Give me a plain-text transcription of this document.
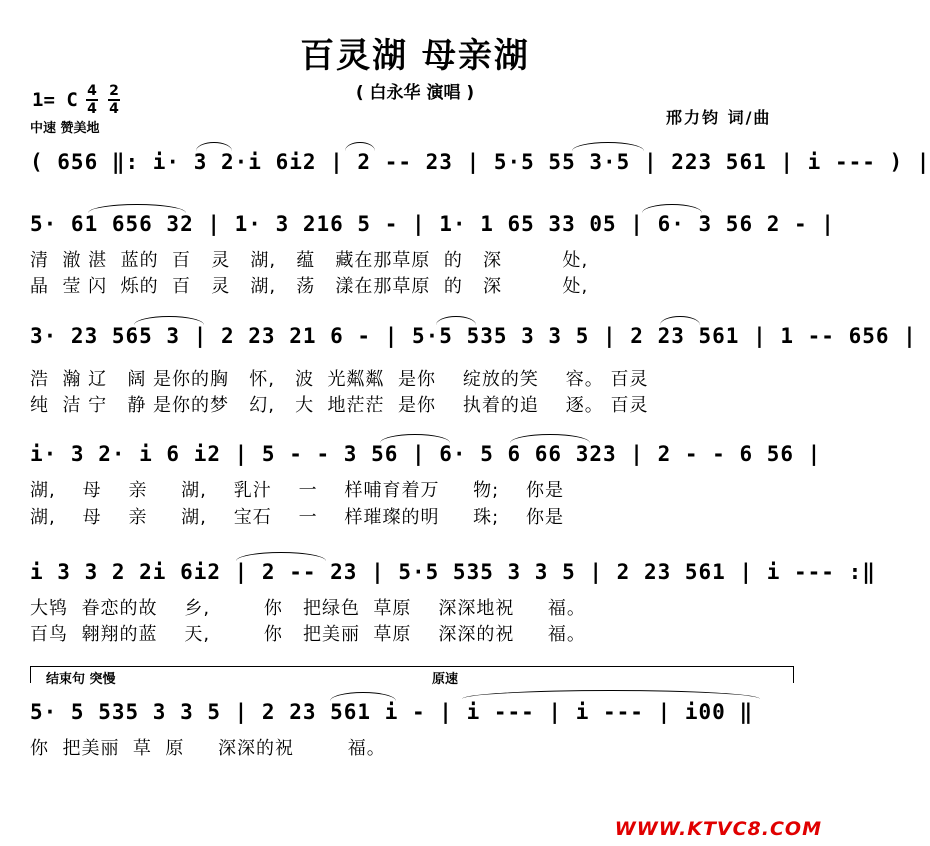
百灵湖 母亲湖
( 白永华 演唱 )
1= C 4
4
2
4
中速 赞美地
邢力钧 词/曲
( 656 ‖: i· 3 2·i 6i2 | 2 -- 23 | 5·5 55 3·5 | 223 561 | i --- ) |
5· 61 656 32 | 1· 3 216 5 - | 1· 1 65 33 05 | 6· 3 56 2 - |
清  澈 湛  蓝的  百   灵   湖,   蕴   藏在那草原  的   深         处,
晶  莹 闪  烁的  百   灵   湖,   荡   漾在那草原  的   深         处,
3· 23 565 3 | 2 23 21 6 - | 5·5 535 3 3 5 | 2 23 561 | 1 -- 656 |
浩  瀚 辽   阔 是你的胸   怀,   波  光粼粼  是你    绽放的笑    容。 百灵
纯  洁 宁   静 是你的梦   幻,   大  地茫茫  是你    执着的追    逐。 百灵
i· 3 2· i 6 i2 | 5 - - 3 56 | 6· 5 6 66 323 | 2 - - 6 56 |
湖,    母    亲     湖,    乳汁    一    样哺育着万     物;    你是
湖,    母    亲     湖,    宝石    一    样璀璨的明     珠;    你是
i 3 3 2 2i 6i2 | 2 -- 23 | 5·5 535 3 3 5 | 2 23 561 | i --- :‖
大鸨  眷恋的故    乡,        你   把绿色  草原    深深地祝     福。
百鸟  翱翔的蓝    天,        你   把美丽  草原    深深的祝     福。
结束句 突慢	原速
5· 5 535 3 3 5 | 2 23 561 i - | i --- | i --- | i00 ‖
你  把美丽  草  原     深深的祝        福。
WWW.KTVC8.COM
